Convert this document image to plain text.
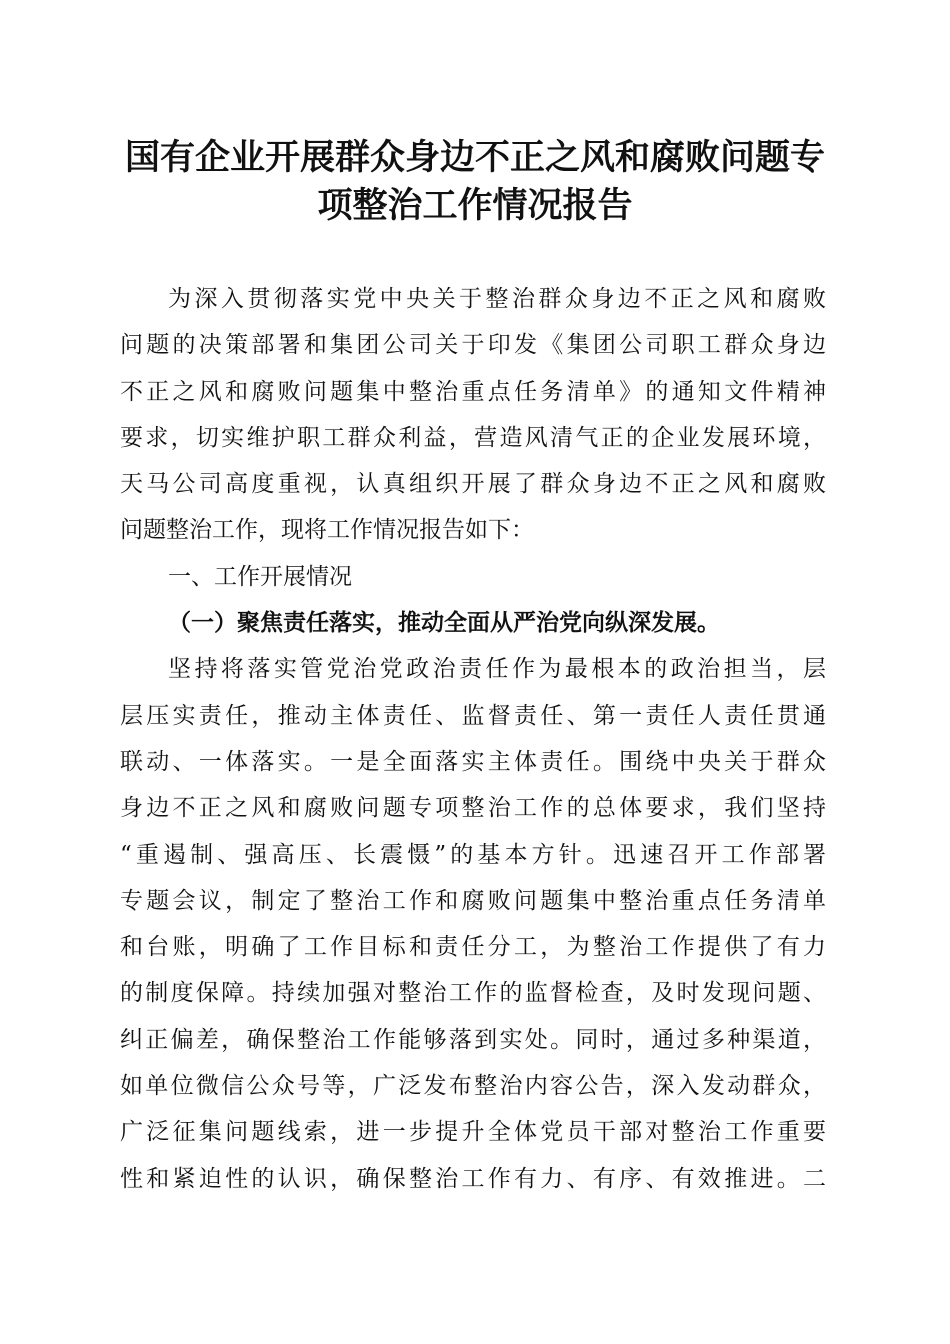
国有企业开展群众身边不正之风和腐败问题专
项整治工作情况报告
为深入贯彻落实党中央关于整治群众身边不正之风和腐败
问题的决策部署和集团公司关于印发《集团公司职工群众身边
不正之风和腐败问题集中整治重点任务清单》的通知文件精神
要求，切实维护职工群众利益，营造风清气正的企业发展环境，
天马公司高度重视，认真组织开展了群众身边不正之风和腐败
问题整治工作，现将工作情况报告如下：
一、工作开展情况
（一）聚焦责任落实，推动全面从严治党向纵深发展。
坚持将落实管党治党政治责任作为最根本的政治担当，层
层压实责任，推动主体责任、监督责任、第一责任人责任贯通
联动、一体落实。一是全面落实主体责任。围绕中央关于群众
身边不正之风和腐败问题专项整治工作的总体要求，我们坚持
“重遏制、强高压、长震慑”的基本方针。迅速召开工作部署
专题会议，制定了整治工作和腐败问题集中整治重点任务清单
和台账，明确了工作目标和责任分工，为整治工作提供了有力
的制度保障。持续加强对整治工作的监督检查，及时发现问题、
纠正偏差，确保整治工作能够落到实处。同时，通过多种渠道，
如单位微信公众号等，广泛发布整治内容公告，深入发动群众，
广泛征集问题线索，进一步提升全体党员干部对整治工作重要
性和紧迫性的认识，确保整治工作有力、有序、有效推进。二
